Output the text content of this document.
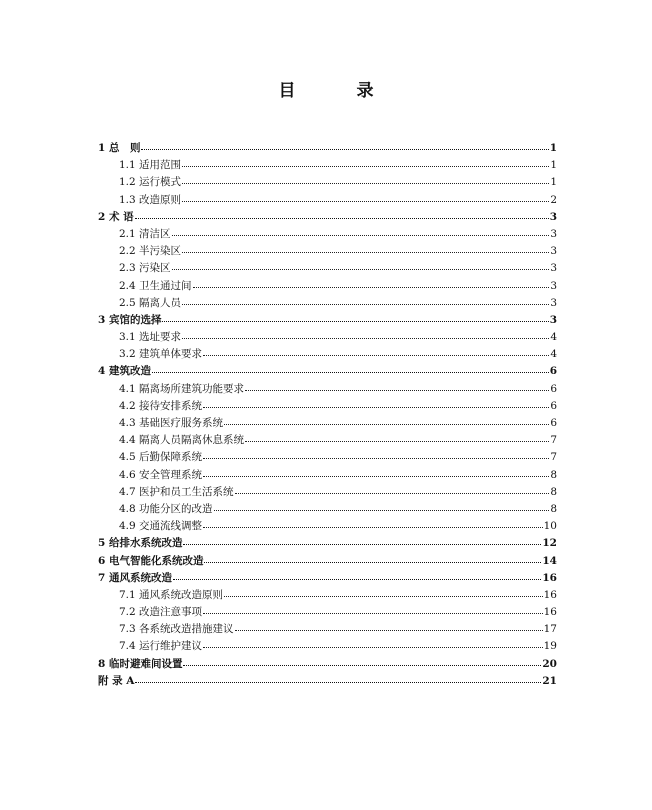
目　录
1 总　则	1
1.1 适用范围	1
1.2 运行模式	1
1.3 改造原则	2
2 术 语	3
2.1 清洁区	3
2.2 半污染区	3
2.3 污染区	3
2.4 卫生通过间	3
2.5 隔离人员	3
3 宾馆的选择	3
3.1 选址要求	4
3.2 建筑单体要求	4
4 建筑改造	6
4.1 隔离场所建筑功能要求	6
4.2 接待安排系统	6
4.3 基础医疗服务系统	6
4.4 隔离人员隔离休息系统	7
4.5 后勤保障系统	7
4.6 安全管理系统	8
4.7 医护和员工生活系统	8
4.8 功能分区的改造	8
4.9 交通流线调整	10
5 给排水系统改造	12
6 电气智能化系统改造	14
7 通风系统改造	16
7.1 通风系统改造原则	16
7.2 改造注意事项	16
7.3 各系统改造措施建议	17
7.4 运行维护建议	19
8 临时避难间设置	20
附 录 A	21
